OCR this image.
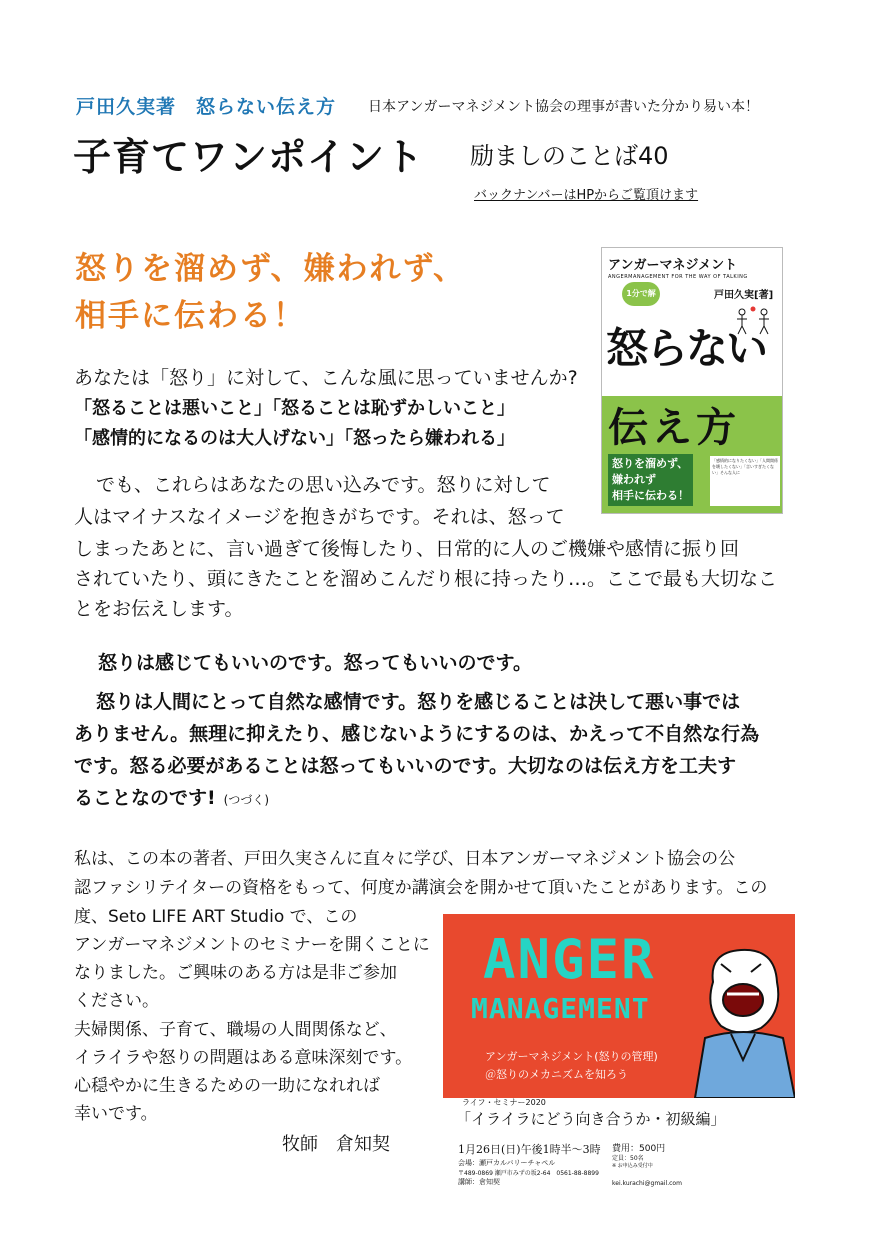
戸田久実著　怒らない伝え方 日本アンガーマネジメント協会の理事が書いた分かり易い本！
子育てワンポイント 励ましのことば40
バックナンバーはHPからご覧頂けます
怒りを溜めず、嫌われず、
相手に伝わる！
あなたは「怒り」に対して、こんな風に思っていませんか?
「怒ることは悪いこと」「怒ることは恥ずかしいこと」
「感情的になるのは大人げない」「怒ったら嫌われる」
でも、これらはあなたの思い込みです。怒りに対して
人はマイナスなイメージを抱きがちです。それは、怒って
しまったあとに、言い過ぎて後悔したり、日常的に人のご機嫌や感情に振り回
されていたり、頭にきたことを溜めこんだり根に持ったり…。ここで最も大切なこ
とをお伝えします。
怒りは感じてもいいのです。怒ってもいいのです。
怒りは人間にとって自然な感情です。怒りを感じることは決して悪い事では
ありません。無理に抑えたり、感じないようにするのは、かえって不自然な行為
です。怒る必要があることは怒ってもいいのです。大切なのは伝え方を工夫す
ることなのです! (つづく)
私は、この本の著者、戸田久実さんに直々に学び、日本アンガーマネジメント協会の公
認ファシリテイターの資格をもって、何度か講演会を開かせて頂いたことがあります。この
度、Seto LIFE ART Studio で、この
アンガーマネジメントのセミナーを開くことに
なりました。ご興味のある方は是非ご参加
ください。
夫婦関係、子育て、職場の人間関係など、
イライラや怒りの問題はある意味深刻です。
心穏やかに生きるための一助になれれば
幸いです。
牧師　倉知契
アンガーマネジメント
ANGERMANAGEMENT FOR THE WAY OF TALKING
1分で解決!
戸田久実[著]
怒らない
伝え方
怒りを溜めず、
嫌われず
相手に伝わる！
「感情的になりたくない」「人間関係を壊したくない」「言いすぎたくない」そんな人に
ANGER
MANAGEMENT
アンガーマネジメント(怒りの管理)
＠怒りのメカニズムを知ろう
ライフ・セミナー2020
「イライラにどう向き合うか・初級編」
1月26日(日)午後1時半～3時
会場：瀬戸カルバリーチャペル
〒489-0869 瀬戸市みずの坂2-64　0561-88-8899
講師：倉知契
費用：500円
定員：50名
※ お申込み受付中
kei.kurachi@gmail.com
